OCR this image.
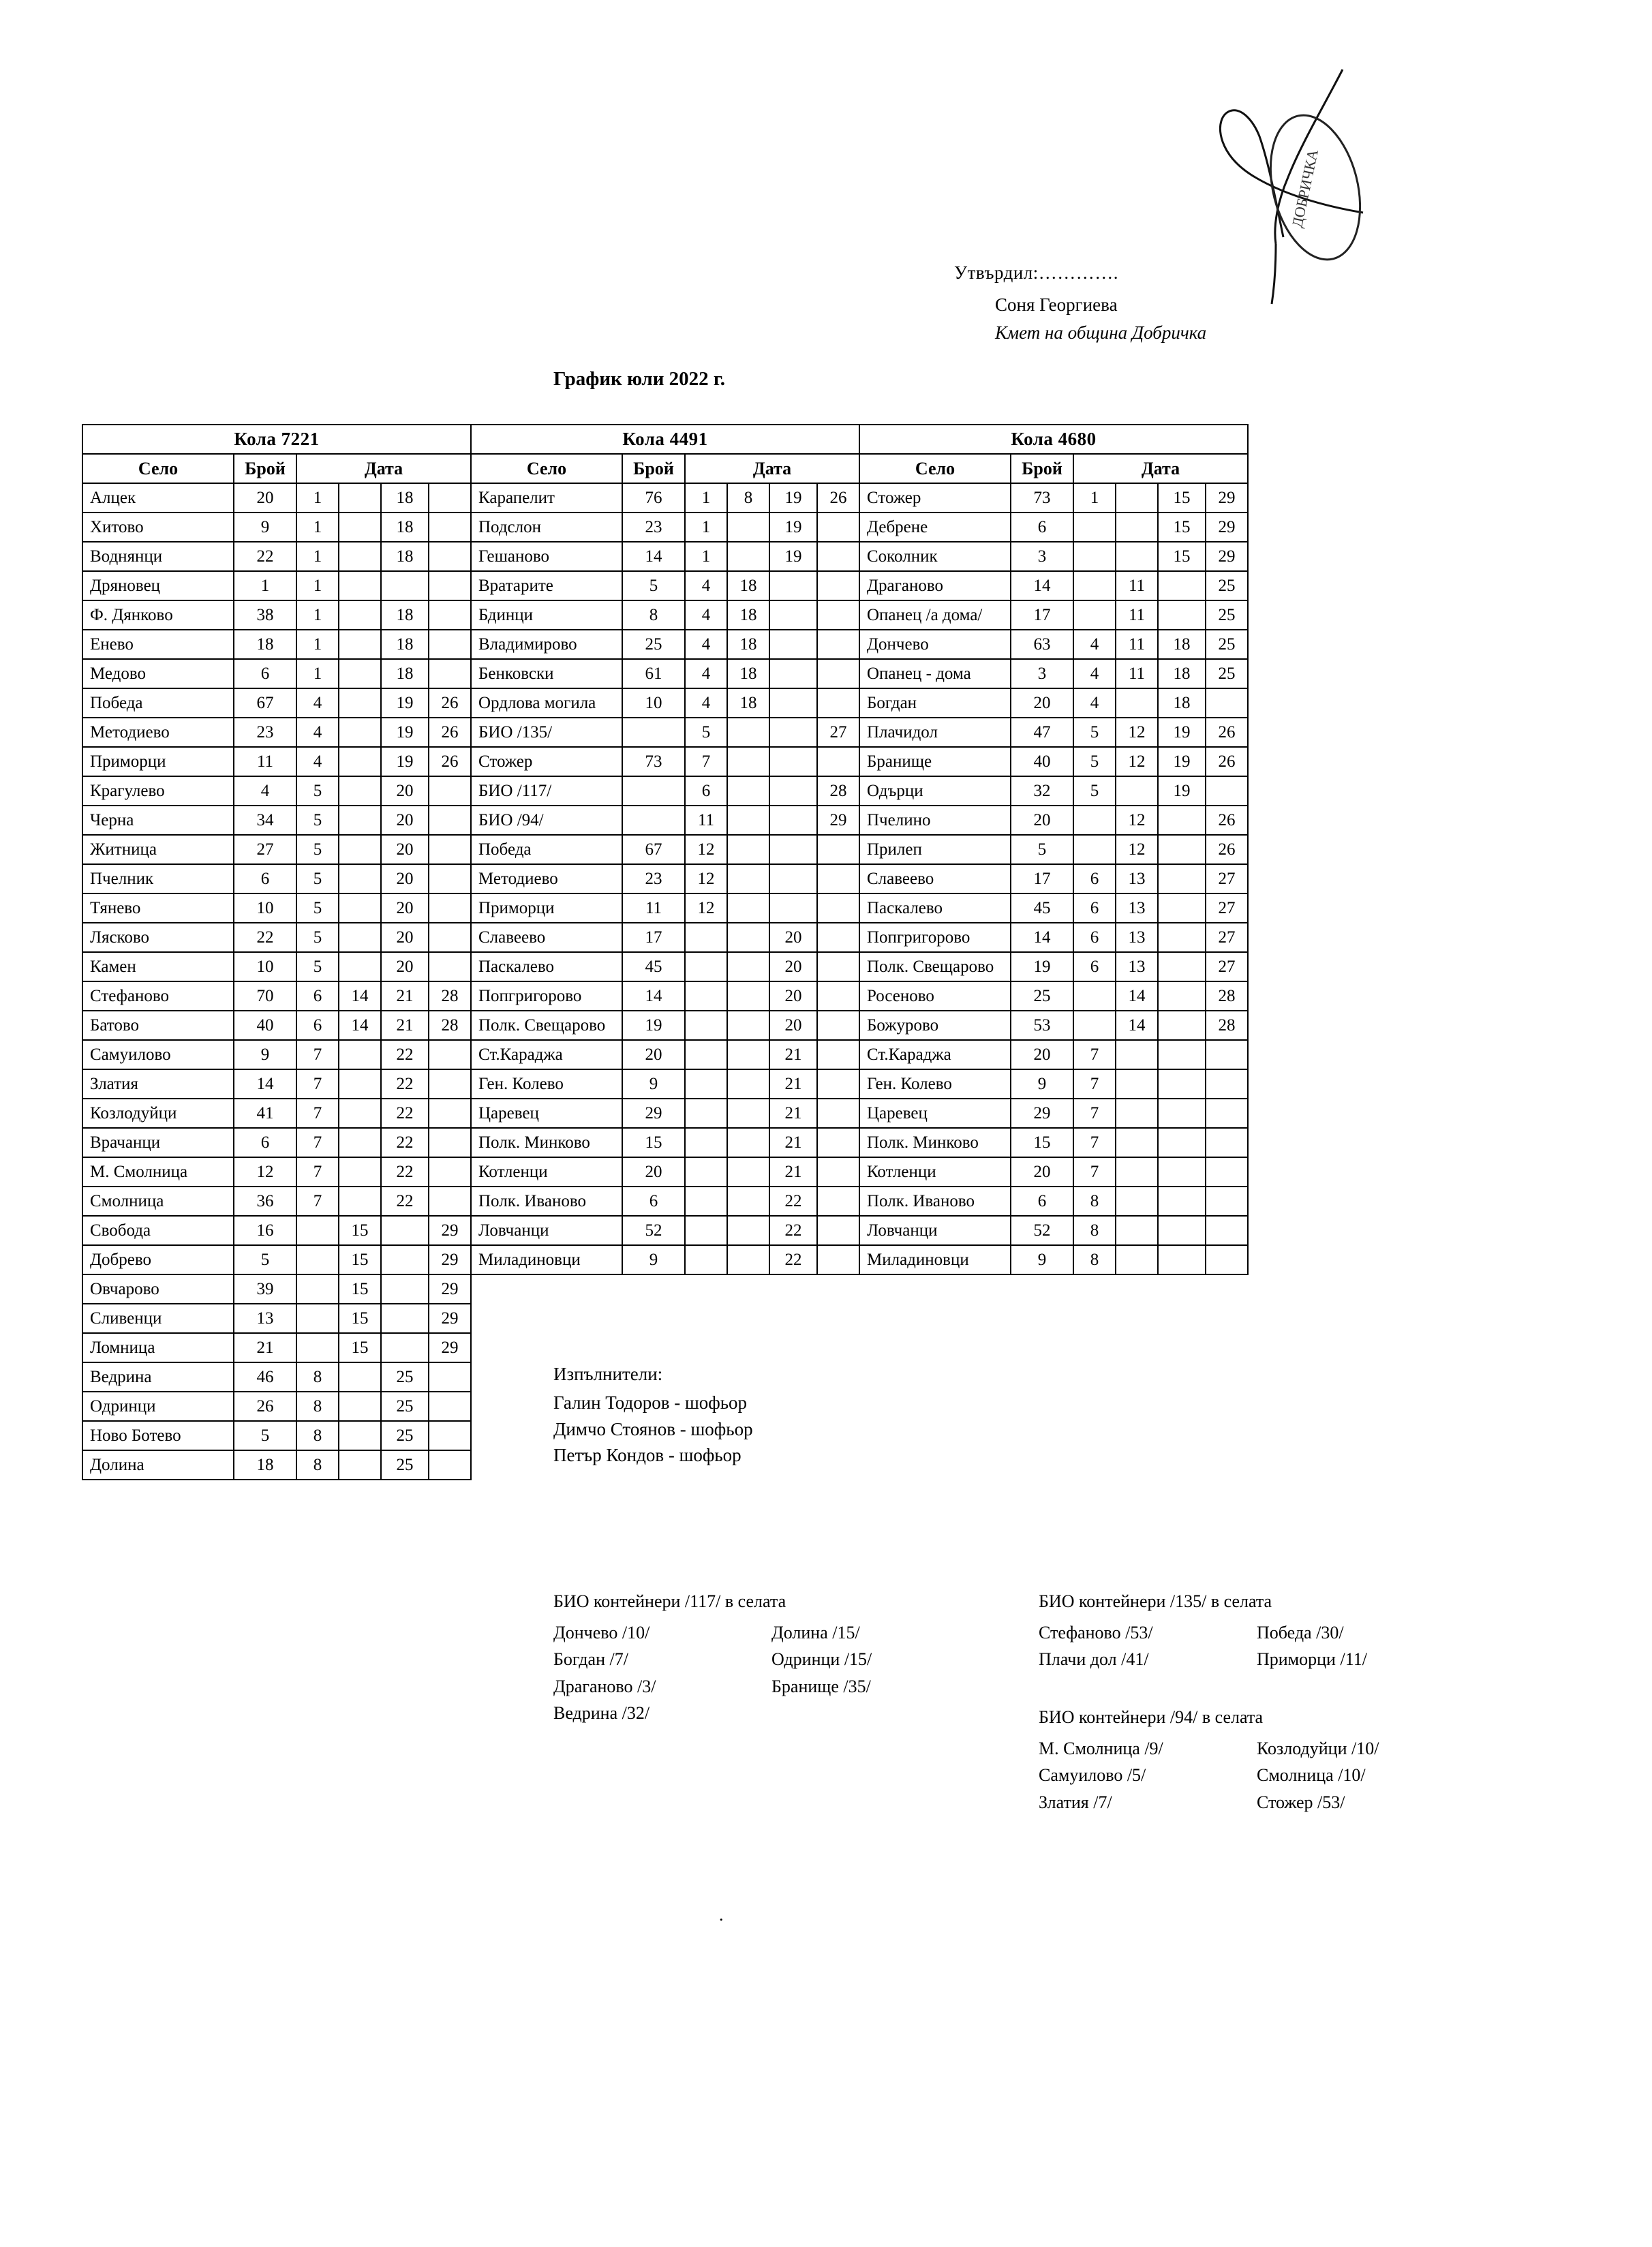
ДОБРИЧКА
Утвърдил:………….
Соня Георгиева
Кмет на община Добричка
График юли 2022 г.
Кола 7221						Кола 4491						Кола 4680					
Село	Брой	Дата				Село	Брой	Дата				Село	Брой	Дата			
Алцек	20	1		18		Карапелит	76	1	8	19	26	Стожер	73	1		15	29
Хитово	9	1		18		Подслон	23	1		19		Дебрене	6			15	29
Воднянци	22	1		18		Гешаново	14	1		19		Соколник	3			15	29
Дряновец	1	1				Вратарите	5	4	18			Драганово	14		11		25
Ф. Дянково	38	1		18		Бдинци	8	4	18			Опанец /а дома/	17		11		25
Енево	18	1		18		Владимирово	25	4	18			Дончево	63	4	11	18	25
Медово	6	1		18		Бенковски	61	4	18			Опанец - дома	3	4	11	18	25
Победа	67	4		19	26	Ордлова могила	10	4	18			Богдан	20	4		18	
Методиево	23	4		19	26	БИО /135/		5			27	Плачидол	47	5	12	19	26
Приморци	11	4		19	26	Стожер	73	7				Бранище	40	5	12	19	26
Крагулево	4	5		20		БИО /117/		6			28	Одърци	32	5		19	
Черна	34	5		20		БИО /94/		11			29	Пчелино	20		12		26
Житница	27	5		20		Победа	67	12				Прилеп	5		12		26
Пчелник	6	5		20		Методиево	23	12				Славеево	17	6	13		27
Тянево	10	5		20		Приморци	11	12				Паскалево	45	6	13		27
Лясково	22	5		20		Славеево	17			20		Попгригорово	14	6	13		27
Камен	10	5		20		Паскалево	45			20		Полк. Свещарово	19	6	13		27
Стефаново	70	6	14	21	28	Попгригорово	14			20		Росеново	25		14		28
Батово	40	6	14	21	28	Полк. Свещарово	19			20		Божурово	53		14		28
Самуилово	9	7		22		Ст.Караджа	20			21		Ст.Караджа	20	7			
Златия	14	7		22		Ген. Колево	9			21		Ген. Колево	9	7			
Козлодуйци	41	7		22		Царевец	29			21		Царевец	29	7			
Врачанци	6	7		22		Полк. Минково	15			21		Полк. Минково	15	7			
М. Смолница	12	7		22		Котленци	20			21		Котленци	20	7			
Смолница	36	7		22		Полк. Иваново	6			22		Полк. Иваново	6	8			
Свобода	16		15		29	Ловчанци	52			22		Ловчанци	52	8			
Добрево	5		15		29	Миладиновци	9			22		Миладиновци	9	8			
Овчарово	39		15		29												
Сливенци	13		15		29												
Ломница	21		15		29												
Ведрина	46	8		25													
Одринци	26	8		25													
Ново Ботево	5	8		25													
Долина	18	8		25													
Изпълнители:
Галин Тодоров - шофьор
Димчо Стоянов - шофьор
Петър Кондов - шофьор
БИО контейнери /117/ в селата
Дончево /10/
Богдан /7/
Драганово /3/
Ведрина /32/
Долина /15/
Одринци /15/
Бранище /35/

БИО контейнери /135/ в селата
Стефаново /53/
Плачи дол /41/
Победа /30/
Приморци /11/
БИО контейнери /94/ в селата
М. Смолница /9/
Самуилово /5/
Златия /7/
Козлодуйци /10/
Смолница /10/
Стожер /53/
.
